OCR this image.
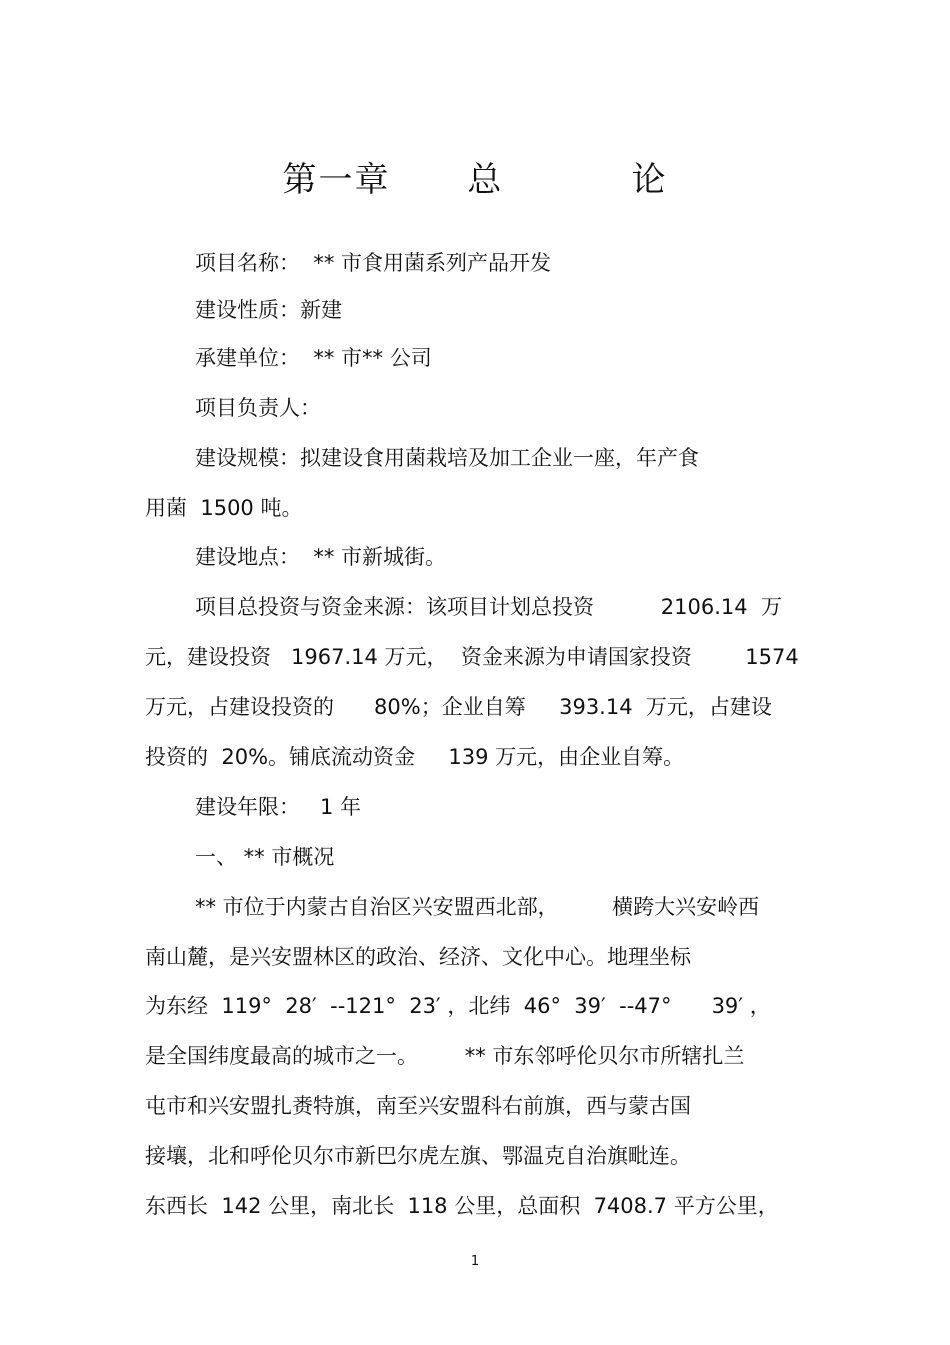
第一章      总          论
项目名称：  ** 市食用菌系列产品开发
建设性质：新建
承建单位：  ** 市** 公司
项目负责人：
建设规模：拟建设食用菌栽培及加工企业一座，年产食
用菌  1500 吨。
建设地点：  ** 市新城街。
项目总投资与资金来源：该项目计划总投资          2106.14  万
元，建设投资   1967.14 万元，  资金来源为申请国家投资        1574
万元，占建设投资的      80%；企业自筹     393.14  万元，占建设
投资的  20%。铺底流动资金     139 万元，由企业自筹。
建设年限：   1 年
一、 ** 市概况
** 市位于内蒙古自治区兴安盟西北部，        横跨大兴安岭西
南山麓，是兴安盟林区的政治、经济、文化中心。地理坐标
为东经  119°  28′  --121°  23′ ，北纬  46°  39′  --47°      39′ ，
是全国纬度最高的城市之一。       ** 市东邻呼伦贝尔市所辖扎兰
屯市和兴安盟扎赉特旗，南至兴安盟科右前旗，西与蒙古国
接壤，北和呼伦贝尔市新巴尔虎左旗、鄂温克自治旗毗连。
东西长  142 公里，南北长  118 公里，总面积  7408.7 平方公里，
1
